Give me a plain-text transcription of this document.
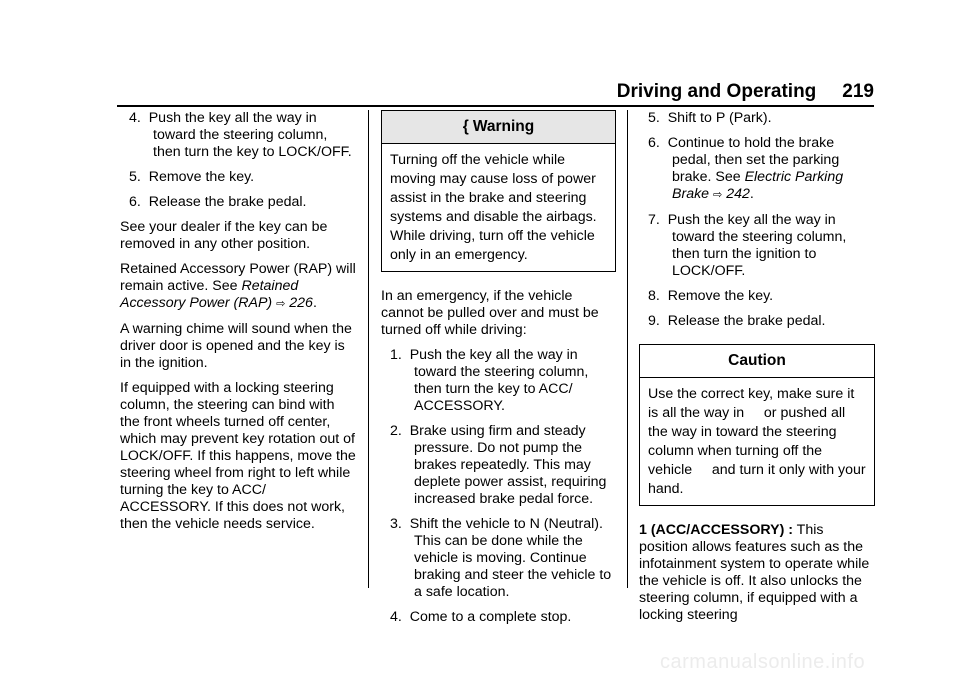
Driving and Operating 219

4.  Push the key all the way in toward the steering column, then turn the key to LOCK/OFF.

5.  Remove the key.

6.  Release the brake pedal.

See your dealer if the key can be removed in any other position.

Retained Accessory Power (RAP) will remain active. See Retained Accessory Power (RAP) ⇨ 226.

A warning chime will sound when the driver door is opened and the key is in the ignition.

If equipped with a locking steering column, the steering can bind with the front wheels turned off center, which may prevent key rotation out of LOCK/OFF. If this happens, move the steering wheel from right to left while turning the key to ACC/ ACCESSORY. If this does not work, then the vehicle needs service.

{ Warning
Turning off the vehicle while moving may cause loss of power assist in the brake and steering systems and disable the airbags. While driving, turn off the vehicle only in an emergency.

In an emergency, if the vehicle cannot be pulled over and must be turned off while driving:

1.  Push the key all the way in toward the steering column, then turn the key to ACC/ ACCESSORY.

2.  Brake using firm and steady pressure. Do not pump the brakes repeatedly. This may deplete power assist, requiring increased brake pedal force.

3.  Shift the vehicle to N (Neutral). This can be done while the vehicle is moving. Continue braking and steer the vehicle to a safe location.

4.  Come to a complete stop.

5.  Shift to P (Park).

6.  Continue to hold the brake pedal, then set the parking brake. See Electric Parking Brake ⇨ 242.

7.  Push the key all the way in toward the steering column, then turn the ignition to LOCK/OFF.

8.  Remove the key.

9.  Release the brake pedal.

Caution
Use the correct key, make sure it is all the way in     or pushed all the way in toward the steering column when turning off the vehicle     and turn it only with your hand.

1 (ACC/ACCESSORY) : This position allows features such as the infotainment system to operate while the vehicle is off. It also unlocks the steering column, if equipped with a locking steering

carmanualsonline.info
